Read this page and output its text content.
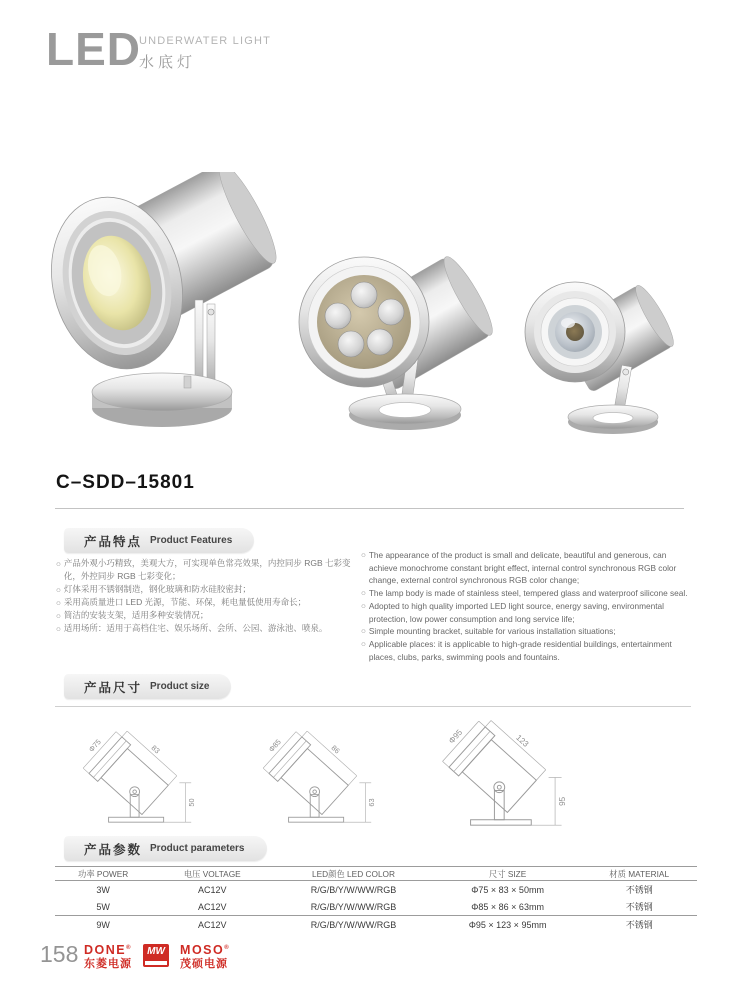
LED
UNDERWATER LIGHT
水底灯
C–SDD–15801
产品特点 Product Features
○ 产品外观小巧精致，美观大方，可实现单色常亮效果，内控同步 RGB 七彩变化，外控同步 RGB 七彩变化；
○ 灯体采用不锈钢制造，钢化玻璃和防水硅胶密封；
○ 采用高质量进口 LED 光源，节能、环保，耗电量低使用寿命长；
○ 简洁的安装支架，适用多种安装情况；
○ 适用场所：适用于高档住宅、娱乐场所、会所、公园、游泳池、喷泉。
○ The appearance of the product is small and delicate, beautiful and generous, can achieve monochrome constant bright effect, internal control synchronous RGB color change, external control synchronous RGB color change;
○ The lamp body is made of stainless steel, tempered glass and waterproof silicone seal.
○ Adopted to high quality imported LED light source, energy saving, environmental protection, low power consumption and long service life;
○ Simple mounting bracket, suitable for various installation situations;
○ Applicable places: it is applicable to high-grade residential buildings, entertainment places, clubs, parks, swimming pools and fountains.
产品尺寸 Product size
83
Φ75
50
86
Φ85
63
123
Φ95
95
产品参数 Product parameters
功率 POWER	电压 VOLTAGE	LED颜色 LED COLOR	尺寸 SIZE	材质 MATERIAL
3W	AC12V	R/G/B/Y/W/WW/RGB	Φ75 × 83 × 50mm	不锈钢
5W	AC12V	R/G/B/Y/W/WW/RGB	Φ85 × 86 × 63mm	不锈钢
9W	AC12V	R/G/B/Y/W/WW/RGB	Φ95 × 123 × 95mm	不锈钢
158 DONE®
东菱电源
MW MOSO®
茂硕电源
